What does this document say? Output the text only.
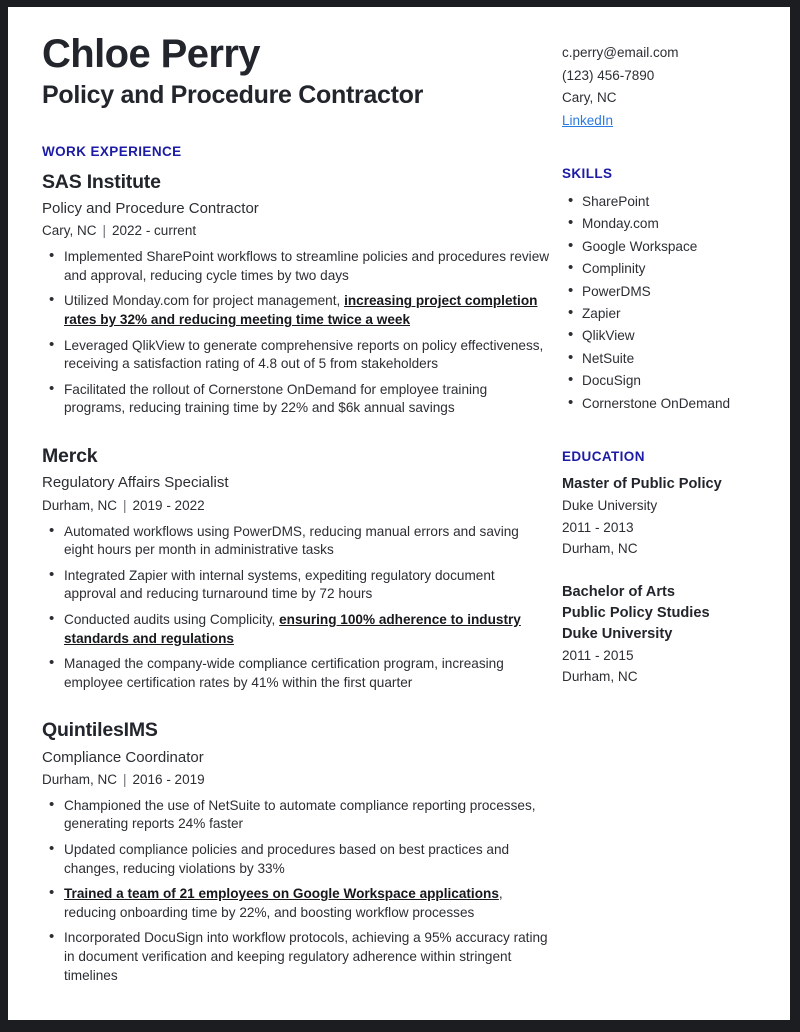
Chloe Perry
Policy and Procedure Contractor
WORK EXPERIENCE
SAS Institute
Policy and Procedure Contractor
Cary, NC | 2022 - current
• Implemented SharePoint workflows to streamline policies and procedures review and approval, reducing cycle times by two days
• Utilized Monday.com for project management, increasing project completion rates by 32% and reducing meeting time twice a week
• Leveraged QlikView to generate comprehensive reports on policy effectiveness, receiving a satisfaction rating of 4.8 out of 5 from stakeholders
• Facilitated the rollout of Cornerstone OnDemand for employee training programs, reducing training time by 22% and $6k annual savings
Merck
Regulatory Affairs Specialist
Durham, NC | 2019 - 2022
• Automated workflows using PowerDMS, reducing manual errors and saving eight hours per month in administrative tasks
• Integrated Zapier with internal systems, expediting regulatory document approval and reducing turnaround time by 72 hours
• Conducted audits using Complicity, ensuring 100% adherence to industry standards and regulations
• Managed the company-wide compliance certification program, increasing employee certification rates by 41% within the first quarter
QuintilesIMS
Compliance Coordinator
Durham, NC | 2016 - 2019
• Championed the use of NetSuite to automate compliance reporting processes, generating reports 24% faster
• Updated compliance policies and procedures based on best practices and changes, reducing violations by 33%
• Trained a team of 21 employees on Google Workspace applications, reducing onboarding time by 22%, and boosting workflow processes
• Incorporated DocuSign into workflow protocols, achieving a 95% accuracy rating in document verification and keeping regulatory adherence within stringent timelines
c.perry@email.com
(123) 456-7890
Cary, NC
LinkedIn
SKILLS
• SharePoint
• Monday.com
• Google Workspace
• Complinity
• PowerDMS
• Zapier
• QlikView
• NetSuite
• DocuSign
• Cornerstone OnDemand
EDUCATION
Master of Public Policy
Duke University
2011 - 2013
Durham, NC
Bachelor of Arts
Public Policy Studies
Duke University
2011 - 2015
Durham, NC
